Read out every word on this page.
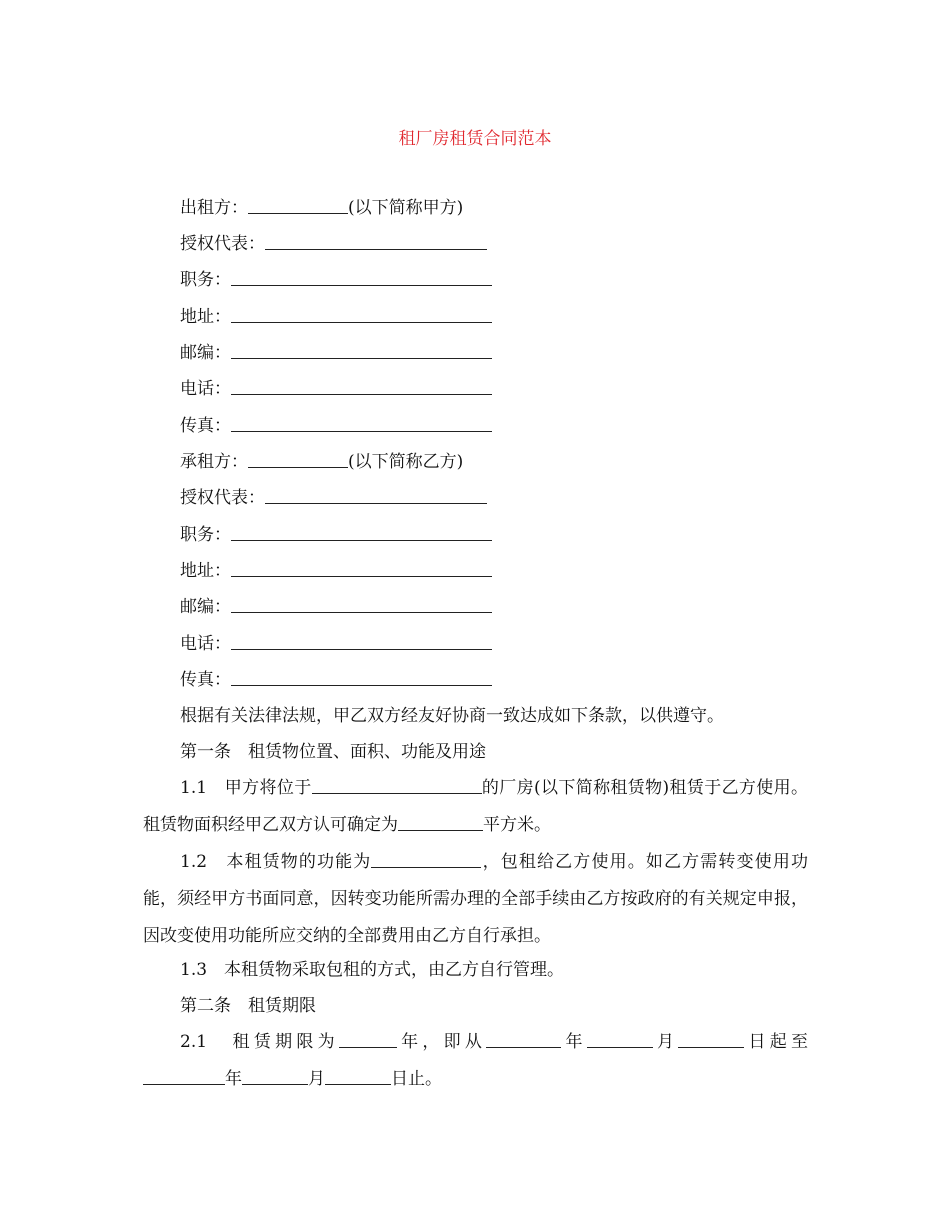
租厂房租赁合同范本
出租方：	(以下简称甲方)
授权代表：
职务：
地址：
邮编：
电话：
传真：
承租方：	(以下简称乙方)
授权代表：
职务：
地址：
邮编：
电话：
传真：
根据有关法律法规，甲乙双方经友好协商一致达成如下条款，以供遵守。
第一条　租赁物位置、面积、功能及用途
1.1　甲方将位于	的厂房(以下简称租赁物)租赁于乙方使用。租赁物面积经甲乙双方认可确定为	平方米。
1.2　本租赁物的功能为	，包租给乙方使用。如乙方需转变使用功能，须经甲方书面同意，因转变功能所需办理的全部手续由乙方按政府的有关规定申报，因改变使用功能所应交纳的全部费用由乙方自行承担。
1.3　本租赁物采取包租的方式，由乙方自行管理。
第二条　租赁期限
2.1　租赁期限为	年，即从	年	月	日起至年	月	日止。
